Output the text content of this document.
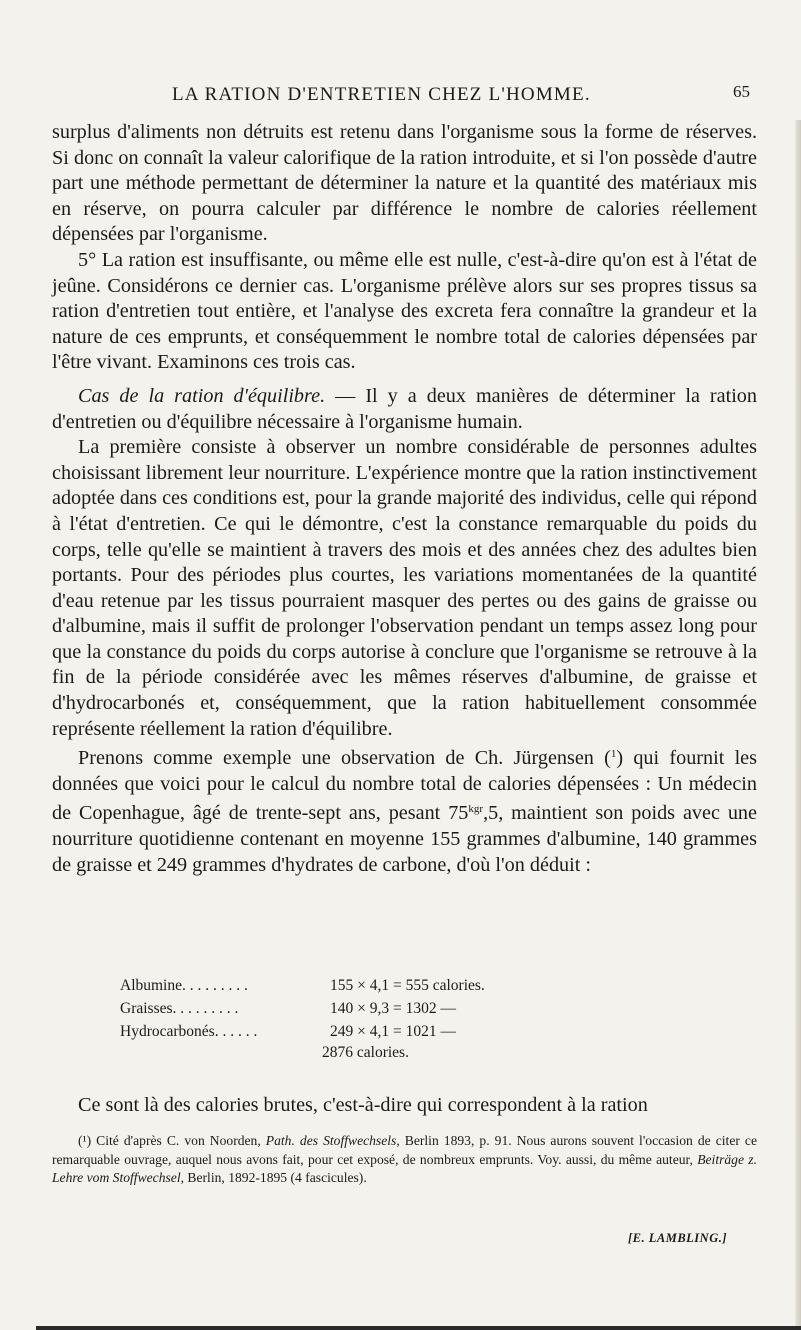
LA RATION D'ENTRETIEN CHEZ L'HOMME.	65

surplus d'aliments non détruits est retenu dans l'organisme sous la forme de réserves. Si donc on connaît la valeur calorifique de la ration introduite, et si l'on possède d'autre part une méthode permettant de déterminer la nature et la quantité des matériaux mis en réserve, on pourra calculer par différence le nombre de calories réellement dépensées par l'organisme.

5° La ration est insuffisante, ou même elle est nulle, c'est-à-dire qu'on est à l'état de jeûne. Considérons ce dernier cas. L'organisme prélève alors sur ses propres tissus sa ration d'entretien tout entière, et l'analyse des excreta fera connaître la grandeur et la nature de ces emprunts, et conséquemment le nombre total de calories dépensées par l'être vivant. Examinons ces trois cas.

Cas de la ration d'équilibre. — Il y a deux manières de déterminer la ration d'entretien ou d'équilibre nécessaire à l'organisme humain.

La première consiste à observer un nombre considérable de personnes adultes choisissant librement leur nourriture. L'expérience montre que la ration instinctivement adoptée dans ces conditions est, pour la grande majorité des individus, celle qui répond à l'état d'entretien. Ce qui le démontre, c'est la constance remarquable du poids du corps, telle qu'elle se maintient à travers des mois et des années chez des adultes bien portants. Pour des périodes plus courtes, les variations momentanées de la quantité d'eau retenue par les tissus pourraient masquer des pertes ou des gains de graisse ou d'albumine, mais il suffit de prolonger l'observation pendant un temps assez long pour que la constance du poids du corps autorise à conclure que l'organisme se retrouve à la fin de la période considérée avec les mêmes réserves d'albumine, de graisse et d'hydrocarbonés et, conséquemment, que la ration habituellement consommée représente réellement la ration d'équilibre.

Prenons comme exemple une observation de Ch. Jürgensen ($^1$) qui fournit les données que voici pour le calcul du nombre total de calories dépensées : Un médecin de Copenhague, âgé de trente-sept ans, pesant $75^{kgr},5$, maintient son poids avec une nourriture quotidienne contenant en moyenne 155 grammes d'albumine, 140 grammes de graisse et 249 grammes d'hydrates de carbone, d'où l'on déduit :

Albumine. . . . . . . . .	155 × 4,1 = 555 calories.
Graisses. . . . . . . . .	140 × 9,3 = 1302 —
Hydrocarbonés. . . . . .	249 × 4,1 = 1021 —
2876 calories.
Ce sont là des calories brutes, c'est-à-dire qui correspondent à la ration

(¹) Cité d'après C. von Noorden, Path. des Stoffwechsels, Berlin 1893, p. 91. Nous aurons souvent l'occasion de citer ce remarquable ouvrage, auquel nous avons fait, pour cet exposé, de nombreux emprunts. Voy. aussi, du même auteur, Beiträge z. Lehre vom Stoffwechsel, Berlin, 1892-1895 (4 fascicules).

[E. LAMBLING.]
